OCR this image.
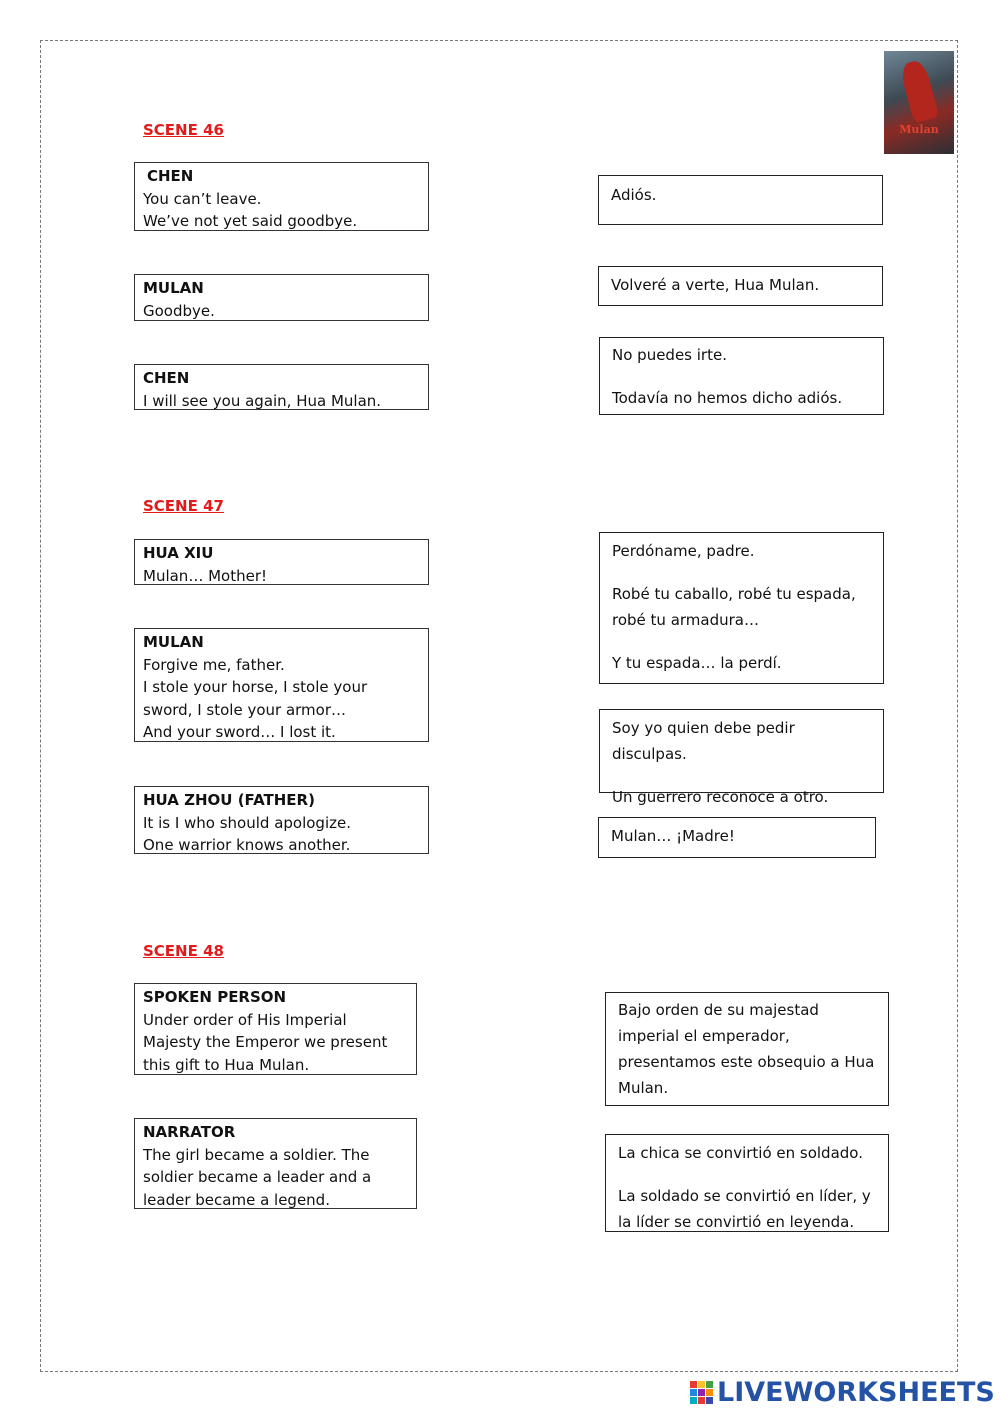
Mulan
SCENE 46
CHEN
You can’t leave.
We’ve not yet said goodbye.
MULAN
Goodbye.
CHEN
I will see you again, Hua Mulan.
Adiós.
Volveré a verte, Hua Mulan.
No puedes irte.
Todavía no hemos dicho adiós.
SCENE 47
HUA XIU
Mulan… Mother!
MULAN
Forgive me, father.
I stole your horse, I stole your
sword, I stole your armor…
And your sword… I lost it.
HUA ZHOU (FATHER)
It is I who should apologize.
One warrior knows another.
Perdóname, padre.
Robé tu caballo, robé tu espada, robé tu armadura…
Y tu espada… la perdí.
Soy yo quien debe pedir disculpas.
Un guerrero reconoce a otro.
Mulan… ¡Madre!
SCENE 48
SPOKEN PERSON
Under order of His Imperial
Majesty the Emperor we present
this gift to Hua Mulan.
NARRATOR
The girl became a soldier. The
soldier became a leader and a
leader became a legend.
Bajo orden de su majestad imperial el emperador, presentamos este obsequio a Hua Mulan.
La chica se convirtió en soldado.
La soldado se convirtió en líder, y la líder se convirtió en leyenda.
LIVEWORKSHEETS
